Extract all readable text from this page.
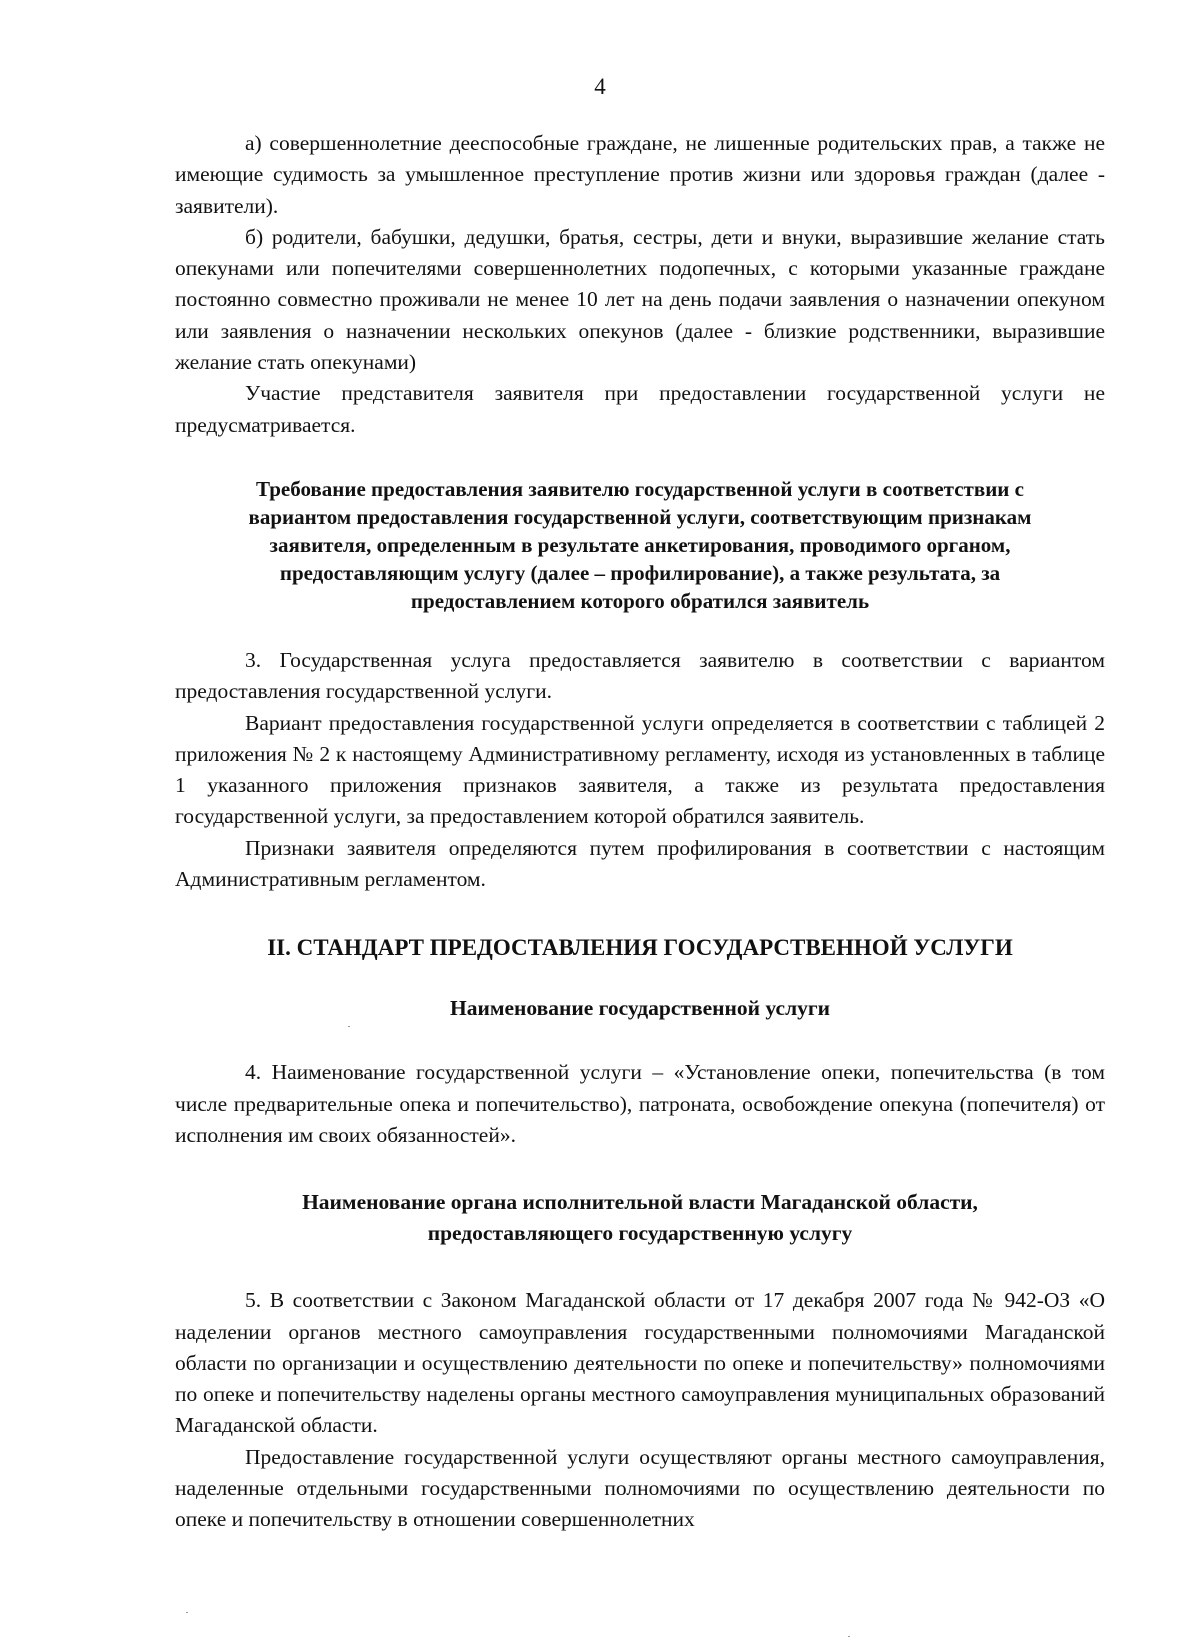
4

а) совершеннолетние дееспособные граждане, не лишенные родительских прав, а также не имеющие судимость за умышленное преступление против жизни или здоровья граждан (далее - заявители).

б) родители, бабушки, дедушки, братья, сестры, дети и внуки, выразившие желание стать опекунами или попечителями совершеннолетних подопечных, с которыми указанные граждане постоянно совместно проживали не менее 10 лет на день подачи заявления о назначении опекуном или заявления о назначении нескольких опекунов (далее - близкие родственники, выразившие желание стать опекунами)

Участие представителя заявителя при предоставлении государственной услуги не предусматривается.

Требование предоставления заявителю государственной услуги в соответствии с
вариантом предоставления государственной услуги, соответствующим признакам
заявителя, определенным в результате анкетирования, проводимого органом,
предоставляющим услугу (далее – профилирование), а также результата, за
предоставлением которого обратился заявитель

3. Государственная услуга предоставляется заявителю в соответствии с вариантом предоставления государственной услуги.

Вариант предоставления государственной услуги определяется в соответствии с таблицей 2 приложения № 2 к настоящему Административному регламенту, исходя из установленных в таблице 1 указанного приложения признаков заявителя, а также из результата предоставления государственной услуги, за предоставлением которой обратился заявитель.

Признаки заявителя определяются путем профилирования в соответствии с настоящим Административным регламентом.

II. СТАНДАРТ ПРЕДОСТАВЛЕНИЯ ГОСУДАРСТВЕННОЙ УСЛУГИ

Наименование государственной услуги

4. Наименование государственной услуги – «Установление опеки, попечительства (в том числе предварительные опека и попечительство), патроната, освобождение опекуна (попечителя) от исполнения им своих обязанностей».

Наименование органа исполнительной власти Магаданской области,
предоставляющего государственную услугу

5. В соответствии с Законом Магаданской области от 17 декабря 2007 года № 942-ОЗ «О наделении органов местного самоуправления государственными полномочиями Магаданской области по организации и осуществлению деятельности по опеке и попечительству» полномочиями по опеке и попечительству наделены органы местного самоуправления муниципальных образований Магаданской области.

Предоставление государственной услуги осуществляют органы местного самоуправления, наделенные отдельными государственными полномочиями по осуществлению деятельности по опеке и попечительству в отношении совершеннолетних
